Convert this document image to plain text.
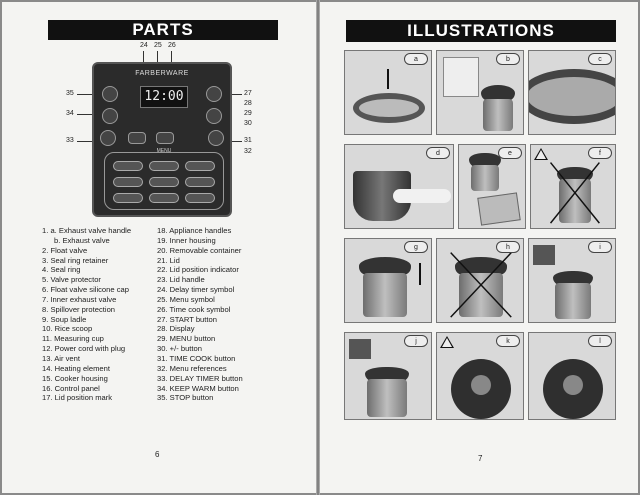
PARTS
24 25 26
35
34
33
27
28
29
30
31
32
FARBERWARE
12:00
MENU
1. a. Exhaust valve handle
b. Exhaust valve
2. Float valve
3. Seal ring retainer
4. Seal ring
5. Valve protector
6. Float valve silicone cap
7. Inner exhaust valve
8. Spillover protection
9. Soup ladle
10. Rice scoop
11. Measuring cup
12. Power cord with plug
13. Air vent
14. Heating element
15. Cooker housing
16. Control panel
17. Lid position mark
18. Appliance handles
19. Inner housing
20. Removable container
21. Lid
22. Lid position indicator
23. Lid handle
24. Delay timer symbol
25. Menu symbol
26. Time cook symbol
27. START button
28. Display
29. MENU button
30. +/- button
31. TIME COOK button
32. Menu references
33. DELAY TIMER button
34. KEEP WARM button
35. STOP button
6
ILLUSTRATIONS
a	b	c
d	e	f
g	h	i
j	k	l
7
